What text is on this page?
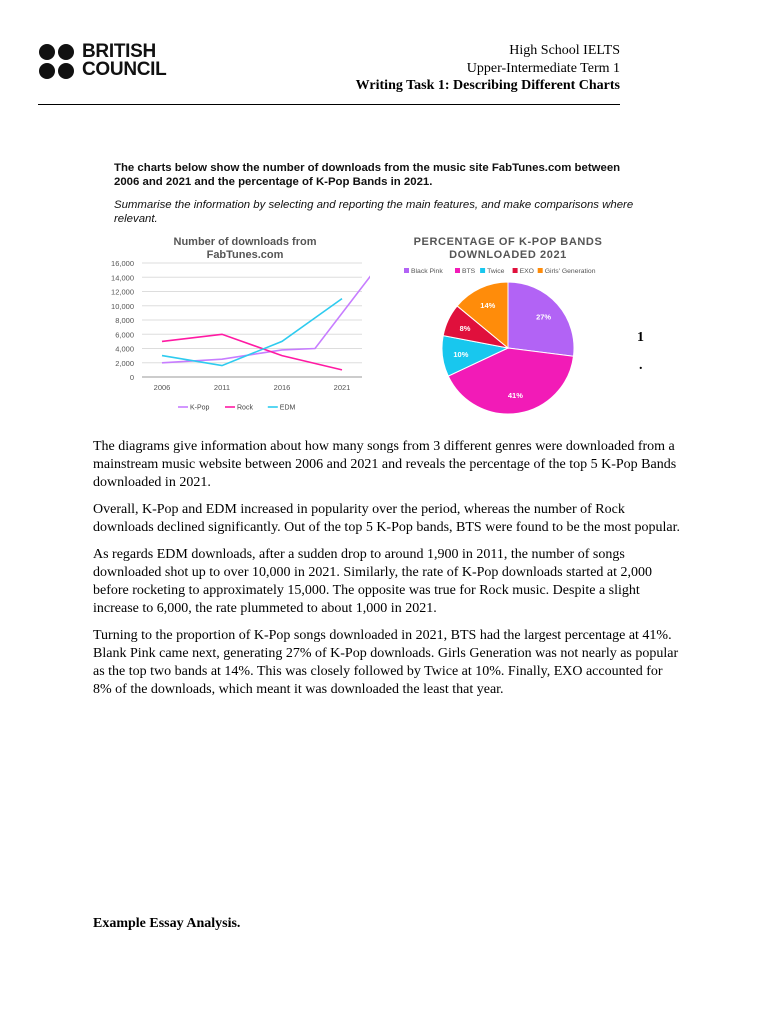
BRITISH
COUNCIL
High School IELTS
Upper-Intermediate Term 1
Writing Task 1: Describing Different Charts
The charts below show the number of downloads from the music site FabTunes.com between 2006 and 2021 and the percentage of K-Pop Bands in 2021.
Summarise the information by selecting and reporting the main features, and make comparisons where relevant.
Number of downloads from
FabTunes.com
0
2,000
4,000
6,000
8,000
10,000
12,000
14,000
16,000
2006	2011	2016	2021
K-Pop	Rock	EDM
PERCENTAGE OF K-POP BANDS
DOWNLOADED 2021
Black Pink	BTS Twice EXO Girls' Generation
27%
41%
10%
8%
14%
1
.

The diagrams give information about how many songs from 3 different genres were downloaded from a mainstream music website between 2006 and 2021 and reveals the percentage of the top 5 K-Pop Bands downloaded in 2021.

Overall, K-Pop and EDM increased in popularity over the period, whereas the number of Rock downloads declined significantly. Out of the top 5 K-Pop bands, BTS were found to be the most popular.

As regards EDM downloads, after a sudden drop to around 1,900 in 2011, the number of songs downloaded shot up to over 10,000 in 2021. Similarly, the rate of K-Pop downloads started at 2,000 before rocketing to approximately 15,000. The opposite was true for Rock music. Despite a slight increase to 6,000, the rate plummeted to about 1,000 in 2021.

Turning to the proportion of K-Pop songs downloaded in 2021, BTS had the largest percentage at 41%. Blank Pink came next, generating 27% of K-Pop downloads. Girls Generation was not nearly as popular as the top two bands at 14%. This was closely followed by Twice at 10%. Finally, EXO accounted for 8% of the downloads, which meant it was downloaded the least that year.

Example Essay Analysis.
